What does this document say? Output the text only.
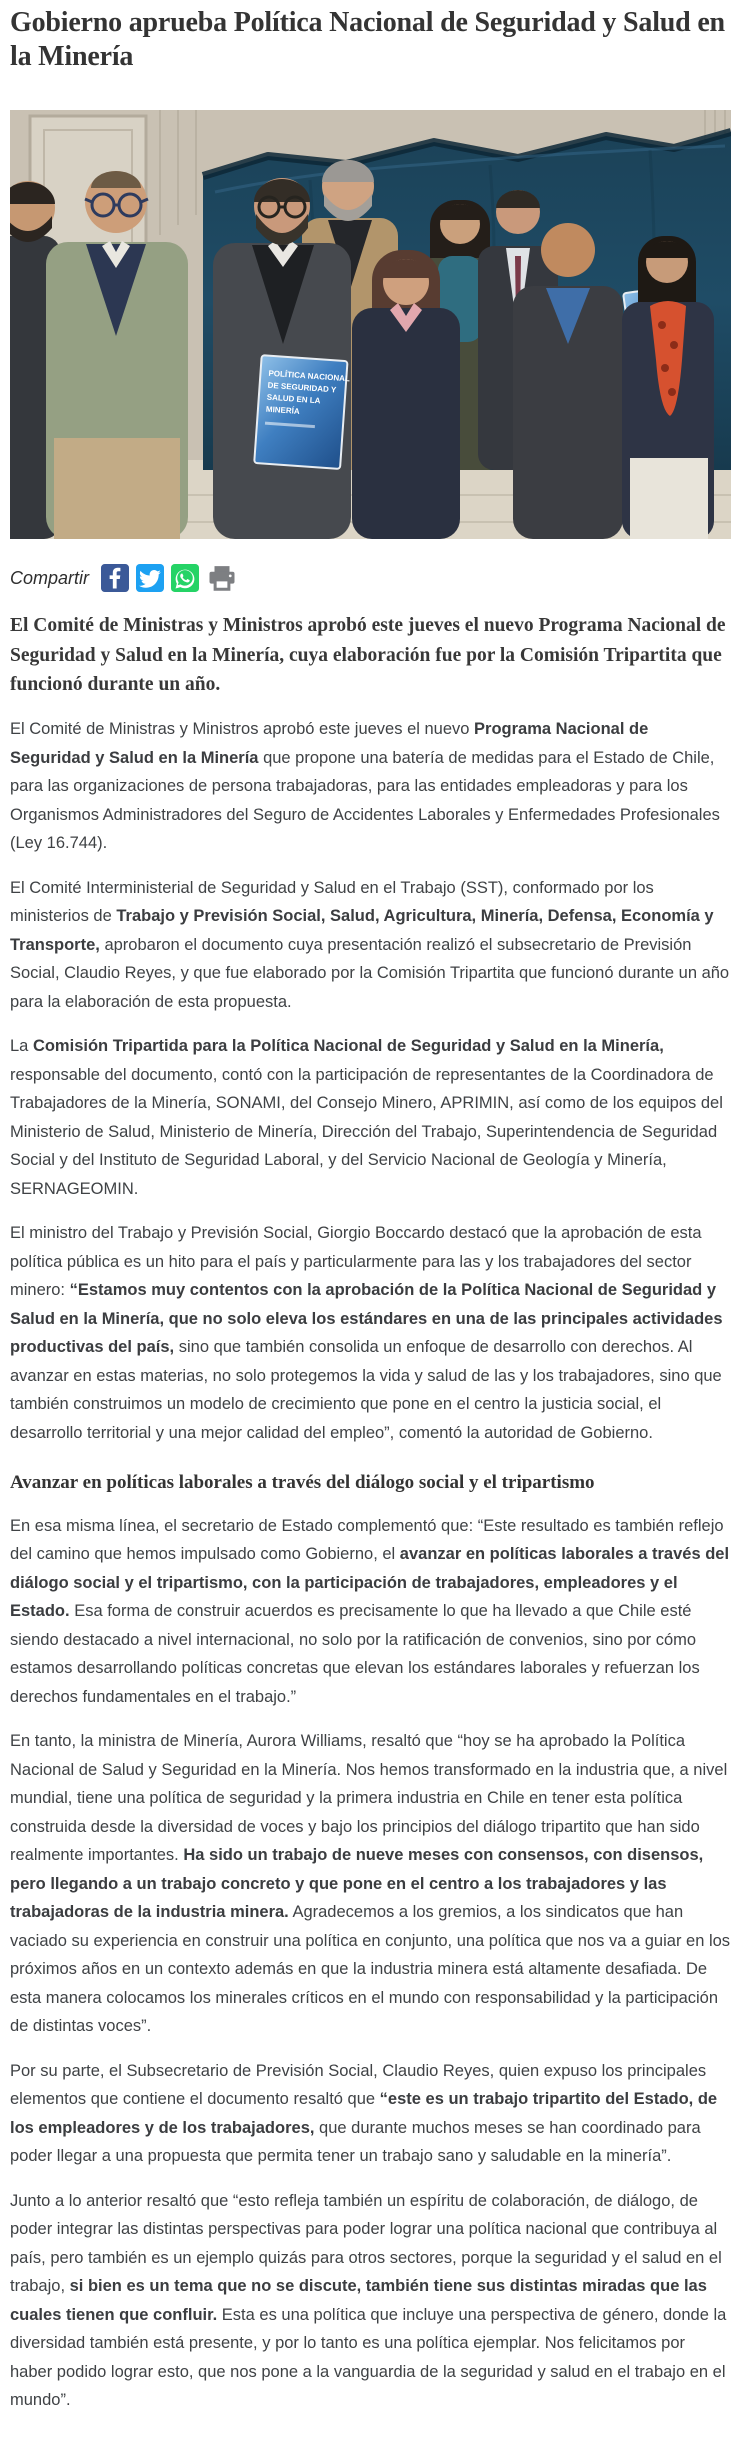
Gobierno aprueba Política Nacional de Seguridad y Salud en la Minería
POLÍTICA NACIONAL
DE SEGURIDAD Y
SALUD EN LA
MINERÍA
Compartir

El Comité de Ministras y Ministros aprobó este jueves el nuevo Programa Nacional de Seguridad y Salud en la Minería, cuya elaboración fue por la Comisión Tripartita que funcionó durante un año.

El Comité de Ministras y Ministros aprobó este jueves el nuevo Programa Nacional de Seguridad y Salud en la Minería que propone una batería de medidas para el Estado de Chile, para las organizaciones de persona trabajadoras, para las entidades empleadoras y para los Organismos Administradores del Seguro de Accidentes Laborales y Enfermedades Profesionales (Ley 16.744).

El Comité Interministerial de Seguridad y Salud en el Trabajo (SST), conformado por los ministerios de Trabajo y Previsión Social, Salud, Agricultura, Minería, Defensa, Economía y Transporte, aprobaron el documento cuya presentación realizó el subsecretario de Previsión Social, Claudio Reyes, y que fue elaborado por la Comisión Tripartita que funcionó durante un año para la elaboración de esta propuesta.

La Comisión Tripartida para la Política Nacional de Seguridad y Salud en la Minería, responsable del documento, contó con la participación de representantes de la Coordinadora de Trabajadores de la Minería, SONAMI, del Consejo Minero, APRIMIN, así como de los equipos del Ministerio de Salud, Ministerio de Minería, Dirección del Trabajo, Superintendencia de Seguridad Social y del Instituto de Seguridad Laboral, y del Servicio Nacional de Geología y Minería, SERNAGEOMIN.

El ministro del Trabajo y Previsión Social, Giorgio Boccardo destacó que la aprobación de esta política pública es un hito para el país y particularmente para las y los trabajadores del sector minero: “Estamos muy contentos con la aprobación de la Política Nacional de Seguridad y Salud en la Minería, que no solo eleva los estándares en una de las principales actividades productivas del país, sino que también consolida un enfoque de desarrollo con derechos. Al avanzar en estas materias, no solo protegemos la vida y salud de las y los trabajadores, sino que también construimos un modelo de crecimiento que pone en el centro la justicia social, el desarrollo territorial y una mejor calidad del empleo”, comentó la autoridad de Gobierno.

Avanzar en políticas laborales a través del diálogo social y el tripartismo

En esa misma línea, el secretario de Estado complementó que: “Este resultado es también reflejo del camino que hemos impulsado como Gobierno, el avanzar en políticas laborales a través del diálogo social y el tripartismo, con la participación de trabajadores, empleadores y el Estado. Esa forma de construir acuerdos es precisamente lo que ha llevado a que Chile esté siendo destacado a nivel internacional, no solo por la ratificación de convenios, sino por cómo estamos desarrollando políticas concretas que elevan los estándares laborales y refuerzan los derechos fundamentales en el trabajo.”

En tanto, la ministra de Minería, Aurora Williams, resaltó que “hoy se ha aprobado la Política Nacional de Salud y Seguridad en la Minería. Nos hemos transformado en la industria que, a nivel mundial, tiene una política de seguridad y la primera industria en Chile en tener esta política construida desde la diversidad de voces y bajo los principios del diálogo tripartito que han sido realmente importantes. Ha sido un trabajo de nueve meses con consensos, con disensos, pero llegando a un trabajo concreto y que pone en el centro a los trabajadores y las trabajadoras de la industria minera. Agradecemos a los gremios, a los sindicatos que han vaciado su experiencia en construir una política en conjunto, una política que nos va a guiar en los próximos años en un contexto además en que la industria minera está altamente desafiada. De esta manera colocamos los minerales críticos en el mundo con responsabilidad y la participación de distintas voces”.

Por su parte, el Subsecretario de Previsión Social, Claudio Reyes, quien expuso los principales elementos que contiene el documento resaltó que “este es un trabajo tripartito del Estado, de los empleadores y de los trabajadores, que durante muchos meses se han coordinado para poder llegar a una propuesta que permita tener un trabajo sano y saludable en la minería”.

Junto a lo anterior resaltó que “esto refleja también un espíritu de colaboración, de diálogo, de poder integrar las distintas perspectivas para poder lograr una política nacional que contribuya al país, pero también es un ejemplo quizás para otros sectores, porque la seguridad y el salud en el trabajo, si bien es un tema que no se discute, también tiene sus distintas miradas que las cuales tienen que confluir. Esta es una política que incluye una perspectiva de género, donde la diversidad también está presente, y por lo tanto es una política ejemplar. Nos felicitamos por haber podido lograr esto, que nos pone a la vanguardia de la seguridad y salud en el trabajo en el mundo”.
